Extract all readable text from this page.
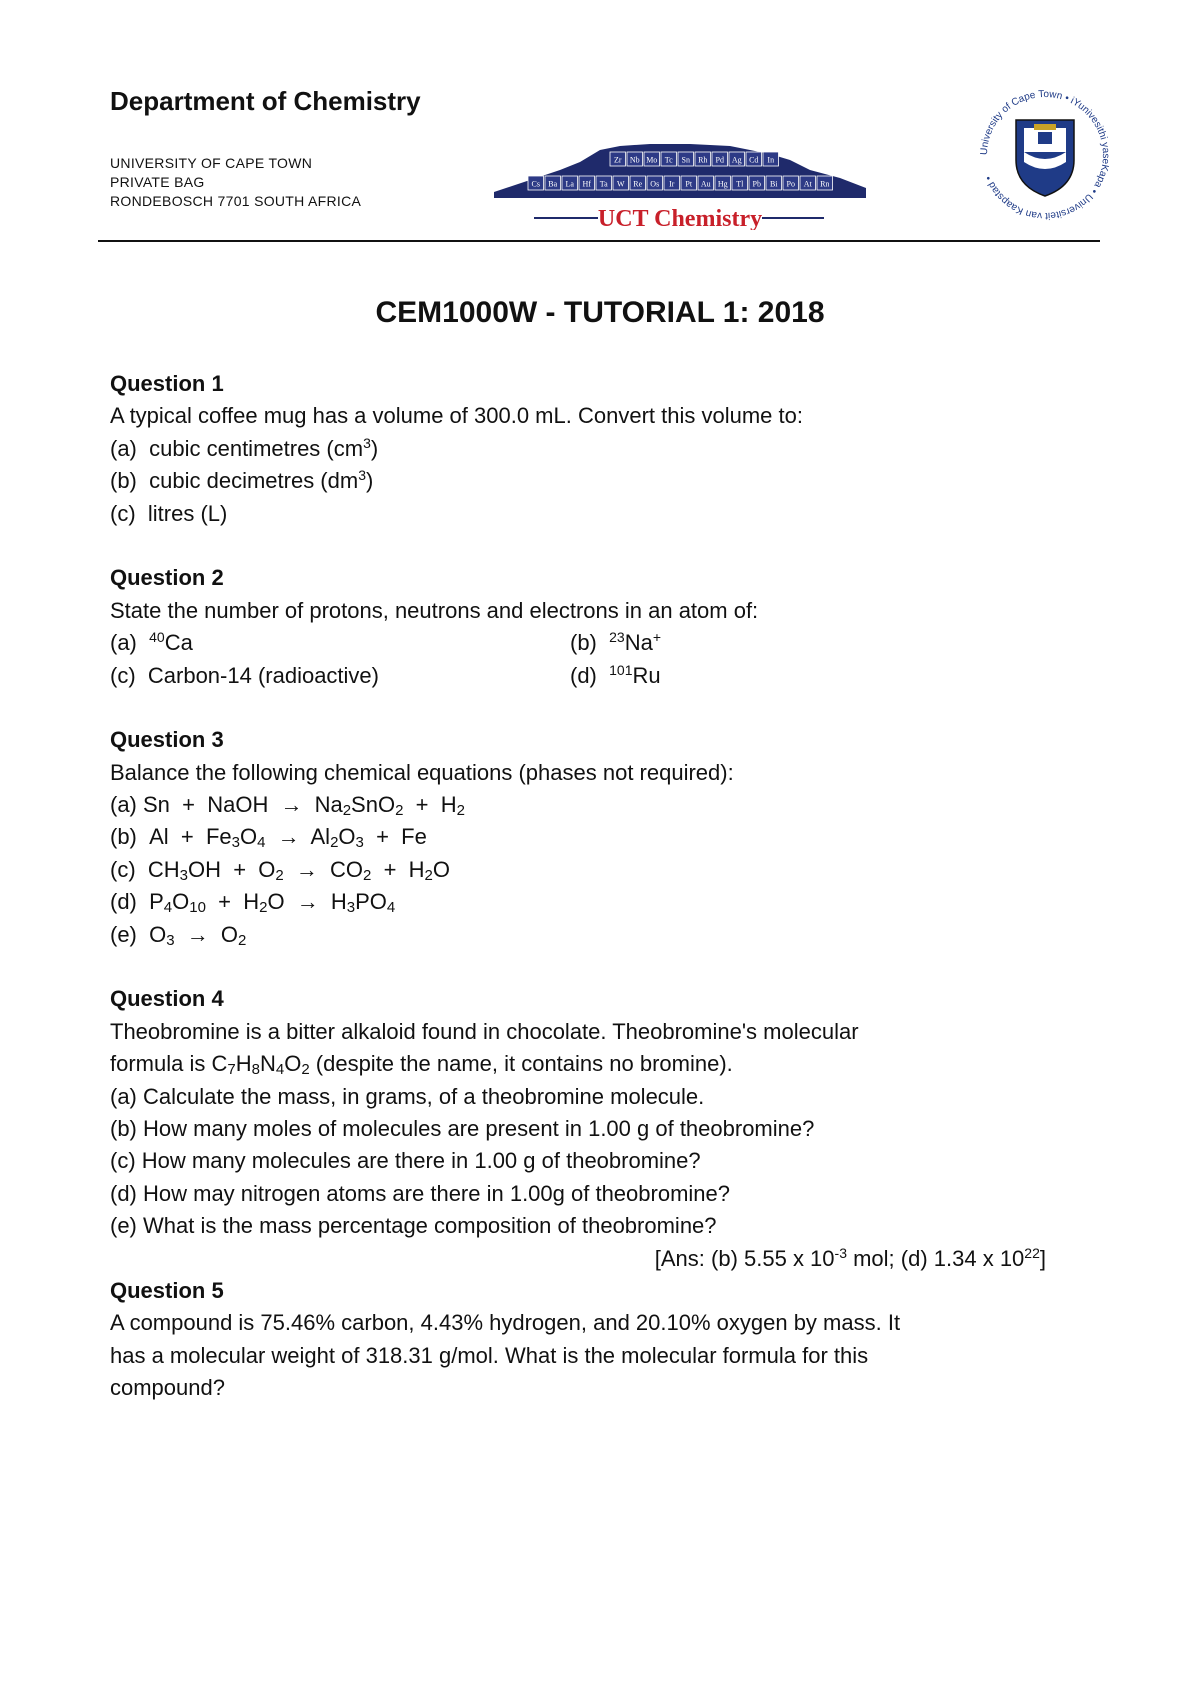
Department of Chemistry
UNIVERSITY OF CAPE TOWN
PRIVATE BAG
RONDEBOSCH 7701 SOUTH AFRICA
Zr Nb Mo Tc Sn Rh Pd Ag Cd In
Cs Ba La Hf Ta W Re Os Ir Pt Au Hg Tl Pb Bi Po At Rn
UCT Chemistry
University of Cape Town • iYunivesithi yaseKapa • Universiteit van Kaapstad •
CEM1000W - TUTORIAL 1: 2018
Question 1
A typical coffee mug has a volume of 300.0 mL. Convert this volume to:
(a) cubic centimetres $(cm^3)$
(b) cubic decimetres $(dm^3)$
(c) litres (L)
Question 2
State the number of protons, neutrons and electrons in an atom of:
(a) $^{40}$Ca	(b) $^{23}$Na+
(c) Carbon-14 (radioactive)	(d) $^{101}$Ru
Question 3
Balance the following chemical equations (phases not required):
(a) Sn  +  NaOH → $Na_2SnO_2 + H_2$
(b)  $Al + Fe_3O_4 \to Al_2O_3 + Fe$
(c)  $CH_3OH + O_2 \to CO_2 + H_2O$
(d)  $P_4O_{10} + H_2O \to H_3PO_4$
(e)  $O_3 \to O_2$
Question 4
Theobromine is a bitter alkaloid found in chocolate. Theobromine's molecular
formula is $C_7H_8N_4O_2$ (despite the name, it contains no bromine).
(a) Calculate the mass, in grams, of a theobromine molecule.
(b) How many moles of molecules are present in 1.00 g of theobromine?
(c) How many molecules are there in 1.00 g of theobromine?
(d) How may nitrogen atoms are there in 1.00g of theobromine?
(e) What is the mass percentage composition of theobromine?
[Ans: (b) 5.55 x $10^{-3}$ mol; (d) 1.34 x $10^{22}$]
Question 5
A compound is 75.46% carbon, 4.43% hydrogen, and 20.10% oxygen by mass. It
has a molecular weight of 318.31 g/mol. What is the molecular formula for this
compound?
